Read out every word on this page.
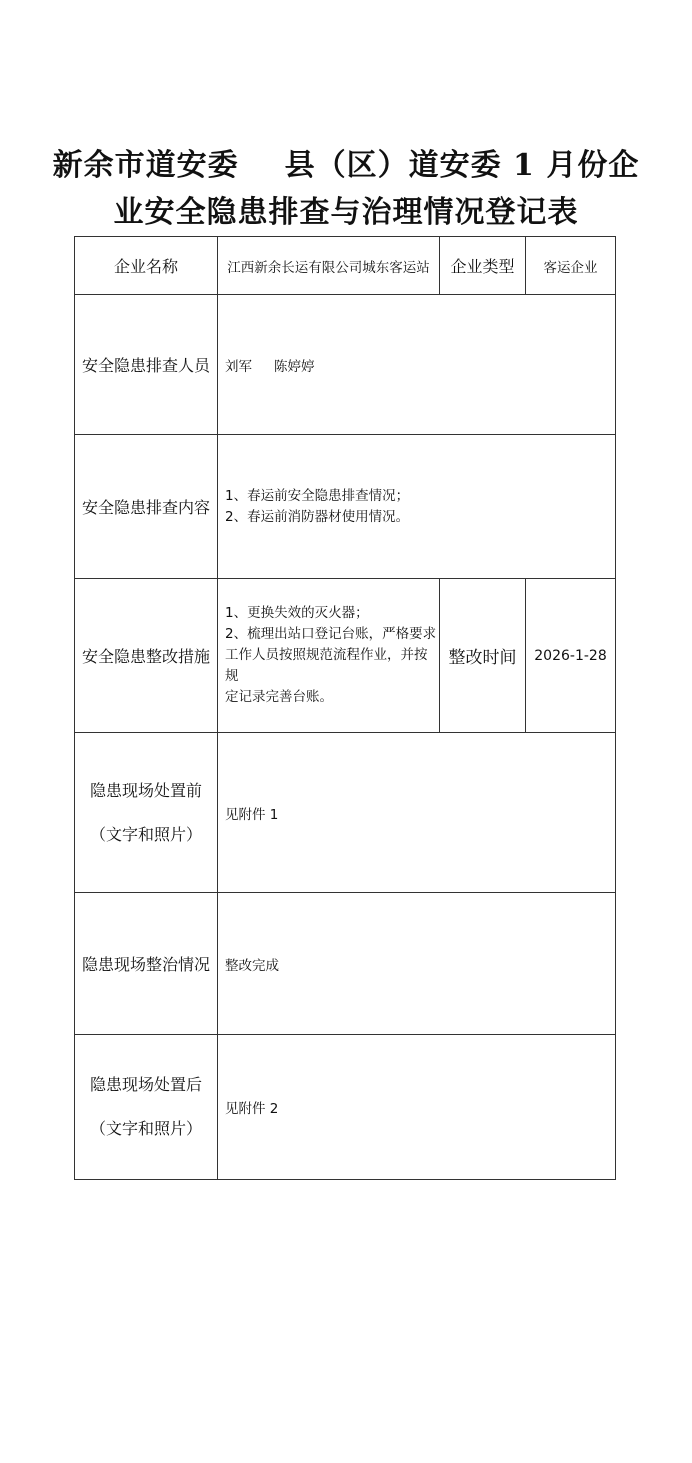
新余市道安委 县（区）道安委 1 月份企
业安全隐患排查与治理情况登记表
企业名称	江西新余长运有限公司城东客运站	企业类型	客运企业
安全隐患排查人员	刘军 陈婷婷		
安全隐患排查内容	1、春运前安全隐患排查情况；
2、春运前消防器材使用情况。		

安全隐患整改措施	1、更换失效的灭火器；
2、梳理出站口登记台账，严格要求
工作人员按照规范流程作业，并按规
定记录完善台账。	整改时间	2026-1-28

隐患现场处置前
（文字和照片）	见附件 1		
隐患现场整治情况	整改完成		

隐患现场处置后
（文字和照片）	见附件 2		
